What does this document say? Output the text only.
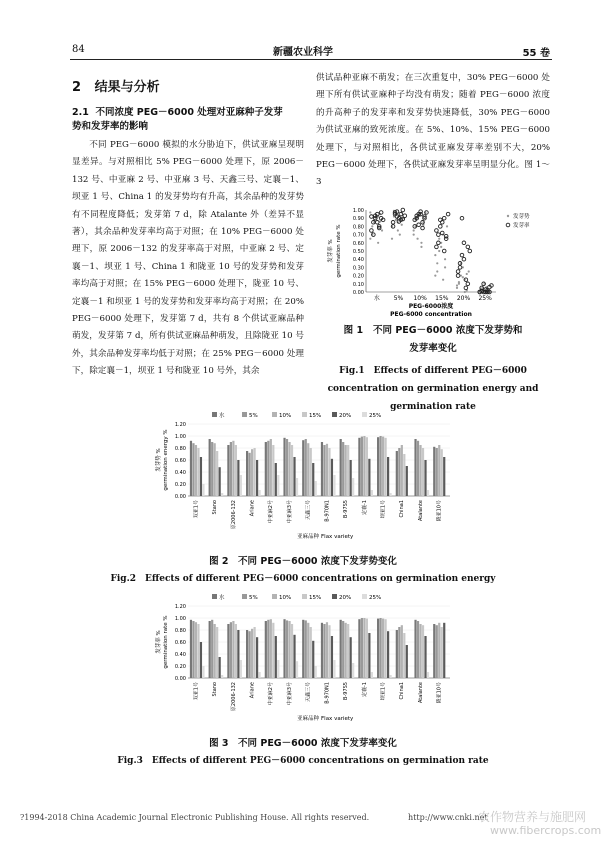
84	新疆农业科学	55 卷
2 结果与分析
2.1 不同浓度 PEG－6000 处理对亚麻种子发芽
势和发芽率的影响

不同 PEG－6000 模拟的水分胁迫下，供试亚麻呈现明显差异。与对照相比 5% PEG－6000 处理下，原 2006－132 号、中亚麻 2 号、中亚麻 3 号、天鑫三号、定襄－1、坝亚 1 号、China 1 的发芽势均有升高，其余品种的发芽势有不同程度降低；发芽第 7 d，除 Atalante 外（差异不显著），其余品种发芽率均高于对照；在 10% PEG－6000 处理下，原 2006－132 的发芽率高于对照，中亚麻 2 号、定襄－1、坝亚 1 号、China 1 和陇亚 10 号的发芽势和发芽率均高于对照；在 15% PEG－6000 处理下，陇亚 10 号、定襄－1 和坝亚 1 号的发芽势和发芽率均高于对照；在 20% PEG－6000 处理下，发芽第 7 d，共有 8 个供试亚麻品种萌发，发芽第 7 d，所有供试亚麻品种萌发，且除陇亚 10 号外，其余品种发芽率均低于对照；在 25% PEG－6000 处理下，除定襄－1，坝亚 1 号和陇亚 10 号外，其余

供试品种亚麻不萌发；在三次重复中，30% PEG－6000 处理下所有供试亚麻种子均没有萌发；随着 PEG－6000 浓度的升高种子的发芽率和发芽势快速降低，30% PEG－6000 为供试亚麻的致死浓度。在 5%、10%、15% PEG－6000 处理下，与对照相比，各供试亚麻发芽率差别不大，20% PEG－6000 处理下，各供试亚麻发芽率呈明显分化。图 1～3

0.00
0.10
0.20
0.30
0.40
0.50
0.60
0.70
0.80
0.90
1.00
水 5% 10% 15% 20% 25%
PEG-6000浓度
PEG-6000 concentration
发芽率 % germination rate %
发芽势
发芽率
图 1 不同 PEG－6000 浓度下发芽势和
发芽率变化
Fig.1　Effects of different PEG－6000
concentration on germination energy and
germination rate
水	5%	10%	15%	20%	25%
0.00
0.20
0.40
0.60
0.80
1.00
1.20
双亚1号	Stano	原2006-132	Ariane	中亚麻2号	中亚麻3号	天鑫三号	B-970N1	B-97S5	定襄-1	坝亚1号	China1	Atalante	陇亚10号
亚麻品种 Flax variety
发芽势 % germination energy %
图 2　不同 PEG－6000 浓度下发芽势变化
Fig.2　Effects of different PEG－6000 concentrations on germination energy
水	5%	10%	15%	20%	25%
0.00
0.20
0.40
0.60
0.80
1.00
1.20
双亚1号	Stano	原2006-132	Ariane	中亚麻2号	中亚麻3号	天鑫三号	B-970N1	B-97S5	定襄-1	坝亚1号	China1	Atalante	陇亚10号
亚麻品种 Flax variety
发芽率 % germination rate %
图 3　不同 PEG－6000 浓度下发芽率变化
Fig.3　Effects of different PEG－6000 concentrations on germination rate
?1994-2018 China Academic Journal Electronic Publishing House. All rights reserved.	http://www.cnki.net
农作物营养与施肥网
www.fibercrops.com
